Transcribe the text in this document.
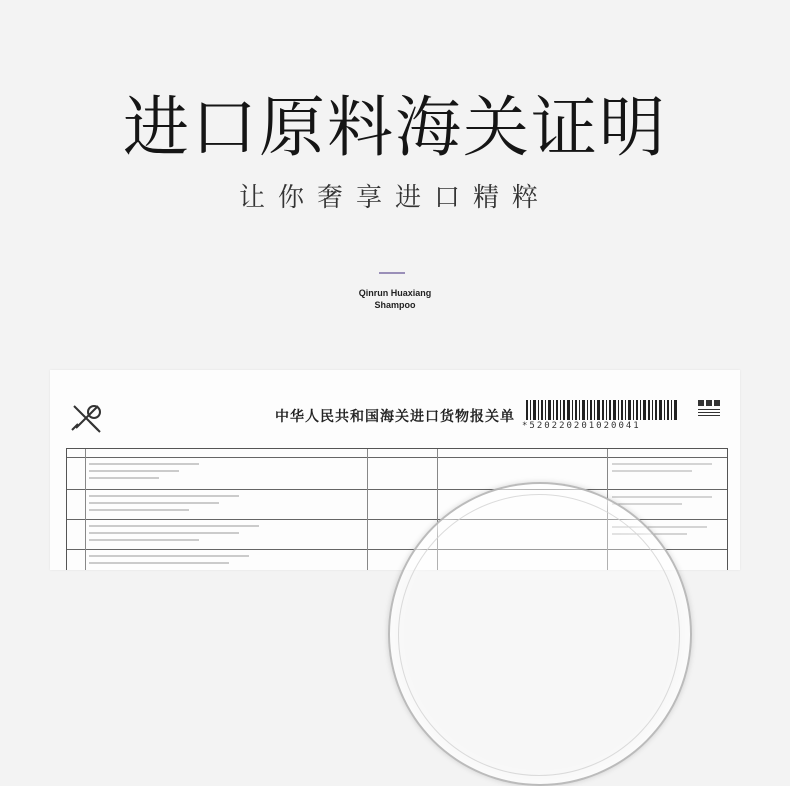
进口原料海关证明
让你奢享进口精粹
Qinrun Huaxiang
Shampoo
中华人民共和国海关进口货物报关单
*520220201020041
